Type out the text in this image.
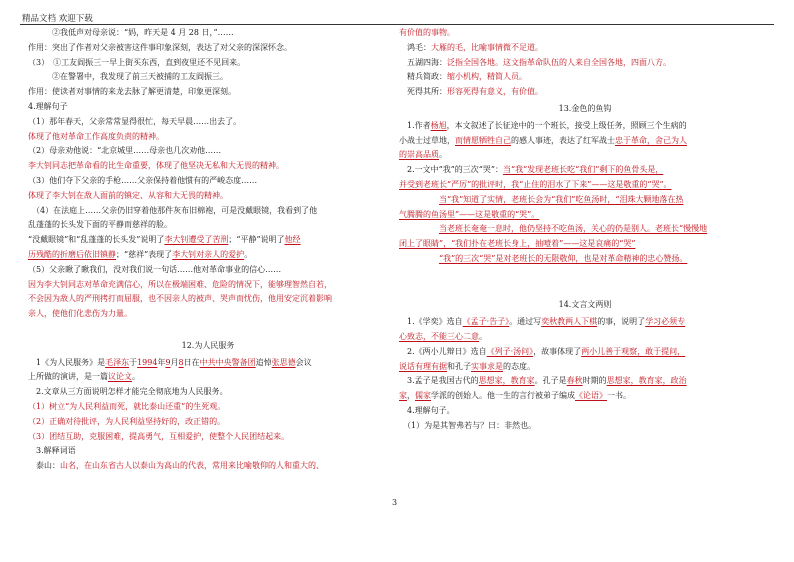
精品文档 欢迎下载
　　　②我低声对母亲说：“妈，昨天是 4 月 28 日，”……
作用：突出了作者对父亲被害这件事印象深刻，表达了对父亲的深深怀念。
（3）　①工友阎振三一早上街买东西，直到夜里还不见回来。
　　　②在警署中，我发现了前三天被捕的工友阎振三。
作用：使读者对事情的来龙去脉了解更清楚，印象更深刻。
4.理解句子
（1）那年春天，父亲常常显得很忙，每天早晨……出去了。
体现了他对革命工作高度负责的精神。
（2）母亲劝他说：“北京城里……母亲也几次劝他……
李大钊同志把革命看的比生命重要，体现了他坚决无私和大无畏的精神。
（3）他们夺下父亲的手枪……父亲保持着他惯有的严峻态度……
体现了李大钊在敌人面前的镇定、从容和大无畏的精神。
　（4）在法庭上……父亲仍旧穿着他那件灰布旧棉袍，可是没戴眼镜，我看到了他
乱蓬蓬的长头发下面的平静而慈祥的脸。
“没戴眼镜”和“乱蓬蓬的长头发”说明了李大钊遭受了苦刑；“平静”说明了他经
历残酷的折磨后依旧镇静；“慈祥”表现了李大钊对亲人的爱护。
（5）父亲瞅了瞅我们，没对我们说一句话……他对革命事业的信心……
因为李大钊同志对革命充满信心，所以在极端困难、危险的情况下，能够理智然自若，
不会因为敌人的严刑拷打而屈服，也不因亲人的被声、哭声而忧伤，他用安定沉着影响
亲人，使他们化悲伤为力量。

12.为人民服务
　1《为人民服务》是毛泽东于1994年9月8日在中共中央警备团追悼张思德会议
上所做的演讲，是一篇议论文。
　2.文章从三方面说明怎样才能完全彻底地为人民服务。
（1）树立“为人民利益而死，就比泰山还重”的生死观。
（2）正确对待批评，为人民利益坚持好的，改正错的。
（3）团结互助，克服困难，提高勇气，互相爱护，使整个人民团结起来。
　3.解释词语
　泰山：山名，在山东省古人以泰山为高山的代表，常用来比喻敬仰的人和重大的、
有价值的事物。
　鸿毛：大雁的毛，比喻事情微不足道。
　五湖四海：泛指全国各地。这文指革命队伍的人来自全国各地，四面八方。
　精兵简政：缩小机构，精简人员。
　死得其所：形容死得有意义，有价值。
13.金色的鱼钩
　1.作者杨旭，本文叙述了长征途中的一个班长，接受上级任务，照顾三个生病的
小战士过草地，而情愿牺牲自己的感人事迹，表达了红军战士忠于革命，舍己为人
的崇高品质。
　2.一文中“我”的三次“哭”：当“我”发现老班长吃“我们”剩下的鱼骨头是，
并受到老班长“严厉”的批评时，我“止住的泪水了下来”——这是敬重的“哭”。
　　　　　当“我”知道了实情，老班长会为“我们”吃鱼汤时，“泪珠大颗地落在热
气腾腾的鱼汤里”——这是敬重的“哭”。
　　　　　当老班长奄奄一息时，他仍坚持不吃鱼汤，关心的仍是别人。老班长“慢慢地
闭上了眼睛”，“我们扑在老班长身上，抽噎着”——这是哀痛的“哭”
　　　　　“我”的三次“哭”是对老班长的无限敬仰，也是对革命精神的忠心赞扬。

14.文言文两则
　1.《学奕》选自《孟子·告子》。通过写奕秋教两人下棋的事，说明了学习必须专
心致志，不能三心二意。
　2.《两小儿辩日》选自《列子·汤问》，故事体现了两小儿善于观察，敢于提问，
说话有理有据和孔子实事求是的态度。
　3.孟子是我国古代的思想家，教育家。孔子是春秋时期的思想家，教育家，政治
家，儒家学派的创始人。他一生的言行被弟子编成《论语》一书。
　4.理解句子。
　（1）为是其智弗若与？曰：非然也。
3
